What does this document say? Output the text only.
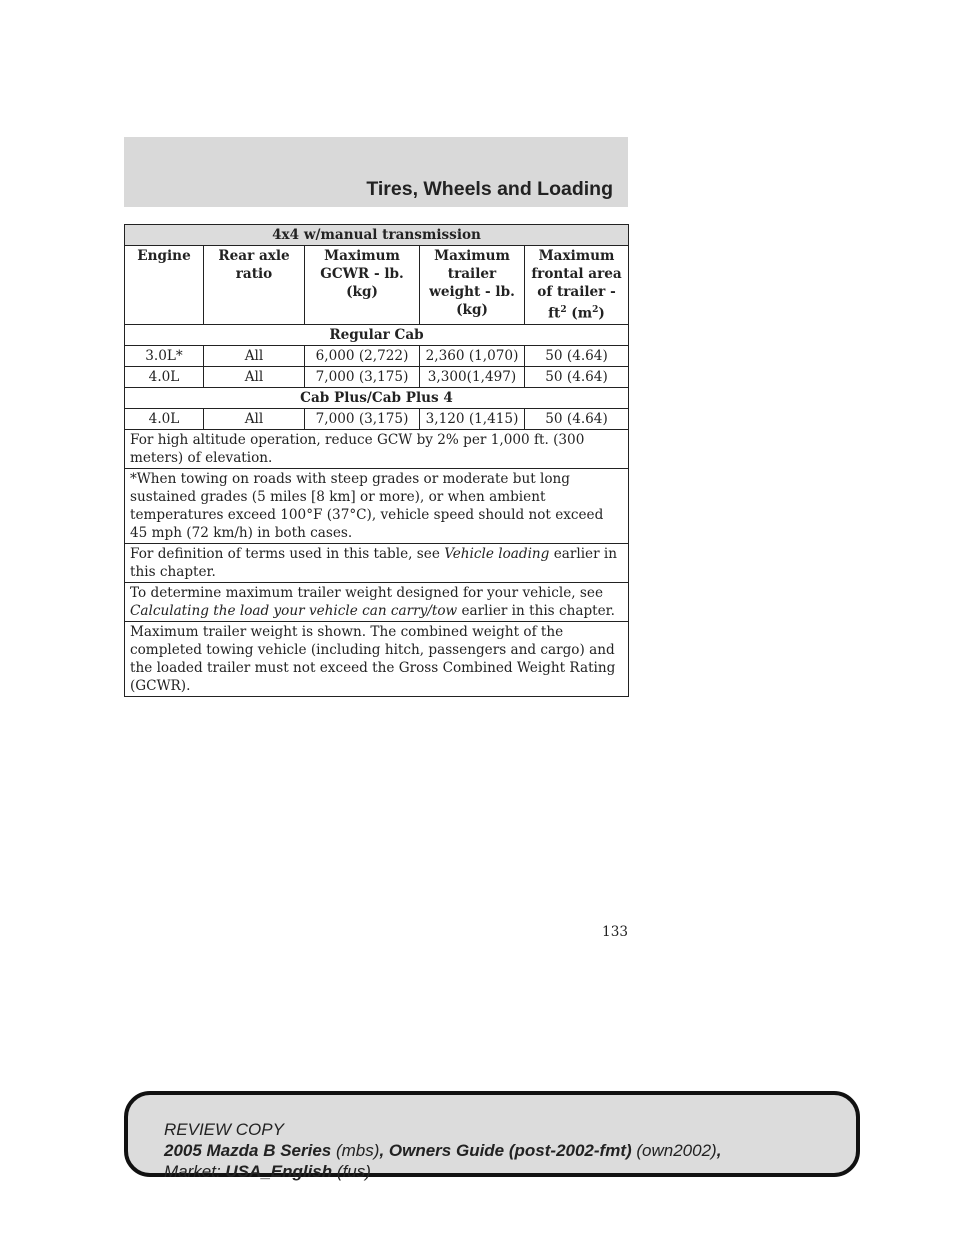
Tires, Wheels and Loading
4x4 w/manual transmission				
Engine	Rear axle ratio	Maximum GCWR - lb. (kg)	Maximum trailer weight - lb. (kg)	Maximum frontal area of trailer - $ft^2$ $(m^2)$
Regular Cab				
3.0L*	All	6,000 (2,722)	2,360 (1,070)	50 (4.64)
4.0L	All	7,000 (3,175)	3,300(1,497)	50 (4.64)
Cab Plus/Cab Plus 4				
4.0L	All	7,000 (3,175)	3,120 (1,415)	50 (4.64)
For high altitude operation, reduce GCW by 2% per 1,000 ft. (300 meters) of elevation.				
*When towing on roads with steep grades or moderate but long sustained grades (5 miles [8 km] or more), or when ambient temperatures exceed 100°F (37°C), vehicle speed should not exceed 45 mph (72 km/h) in both cases.				
For definition of terms used in this table, see Vehicle loading earlier in this chapter.				
To determine maximum trailer weight designed for your vehicle, see Calculating the load your vehicle can carry/tow earlier in this chapter.				
Maximum trailer weight is shown. The combined weight of the completed towing vehicle (including hitch, passengers and cargo) and the loaded trailer must not exceed the Gross Combined Weight Rating (GCWR).				
133
REVIEW COPY
2005 Mazda B Series (mbs), Owners Guide (post-2002-fmt) (own2002),
Market: USA_English (fus)
